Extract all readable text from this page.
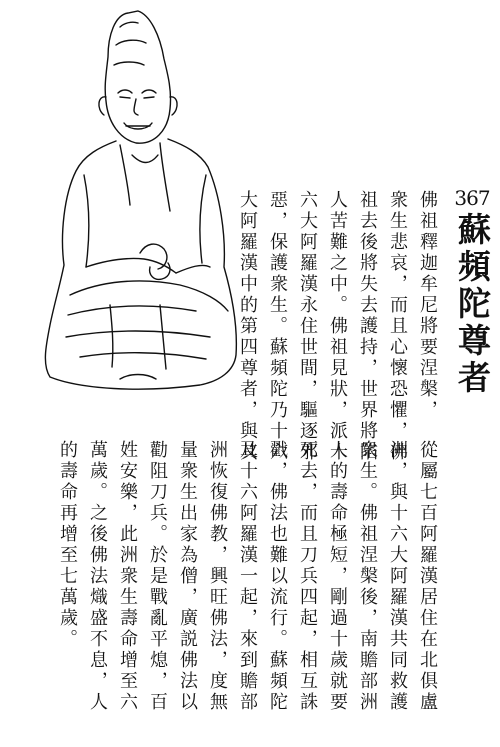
367
蘇頻陀尊者
佛祖釋迦牟尼將要涅槃，
衆生悲哀，而且心懷恐懼，佛
祖去後將失去護持，世界將陷
人苦難之中。佛祖見狀，派十
六大阿羅漢永住世間，驅逐邪
惡，保護衆生。蘇頻陀乃十六
大阿羅漢中的第四尊者，與其
從屬七百阿羅漢居住在北俱盧
洲，與十六大阿羅漢共同救護
衆生。佛祖涅槃後，南贍部洲
人的壽命極短，剛過十歲就要
死去，而且刀兵四起，相互誅
戳，佛法也難以流行。蘇頻陀
及十六阿羅漢一起，來到贍部
洲恢復佛教，興旺佛法，度無
量衆生出家為僧，廣説佛法以
勸阻刀兵。於是戰亂平熄，百
姓安樂，此洲衆生壽命增至六
萬歲。之後佛法熾盛不息，人
的壽命再增至七萬歲。
